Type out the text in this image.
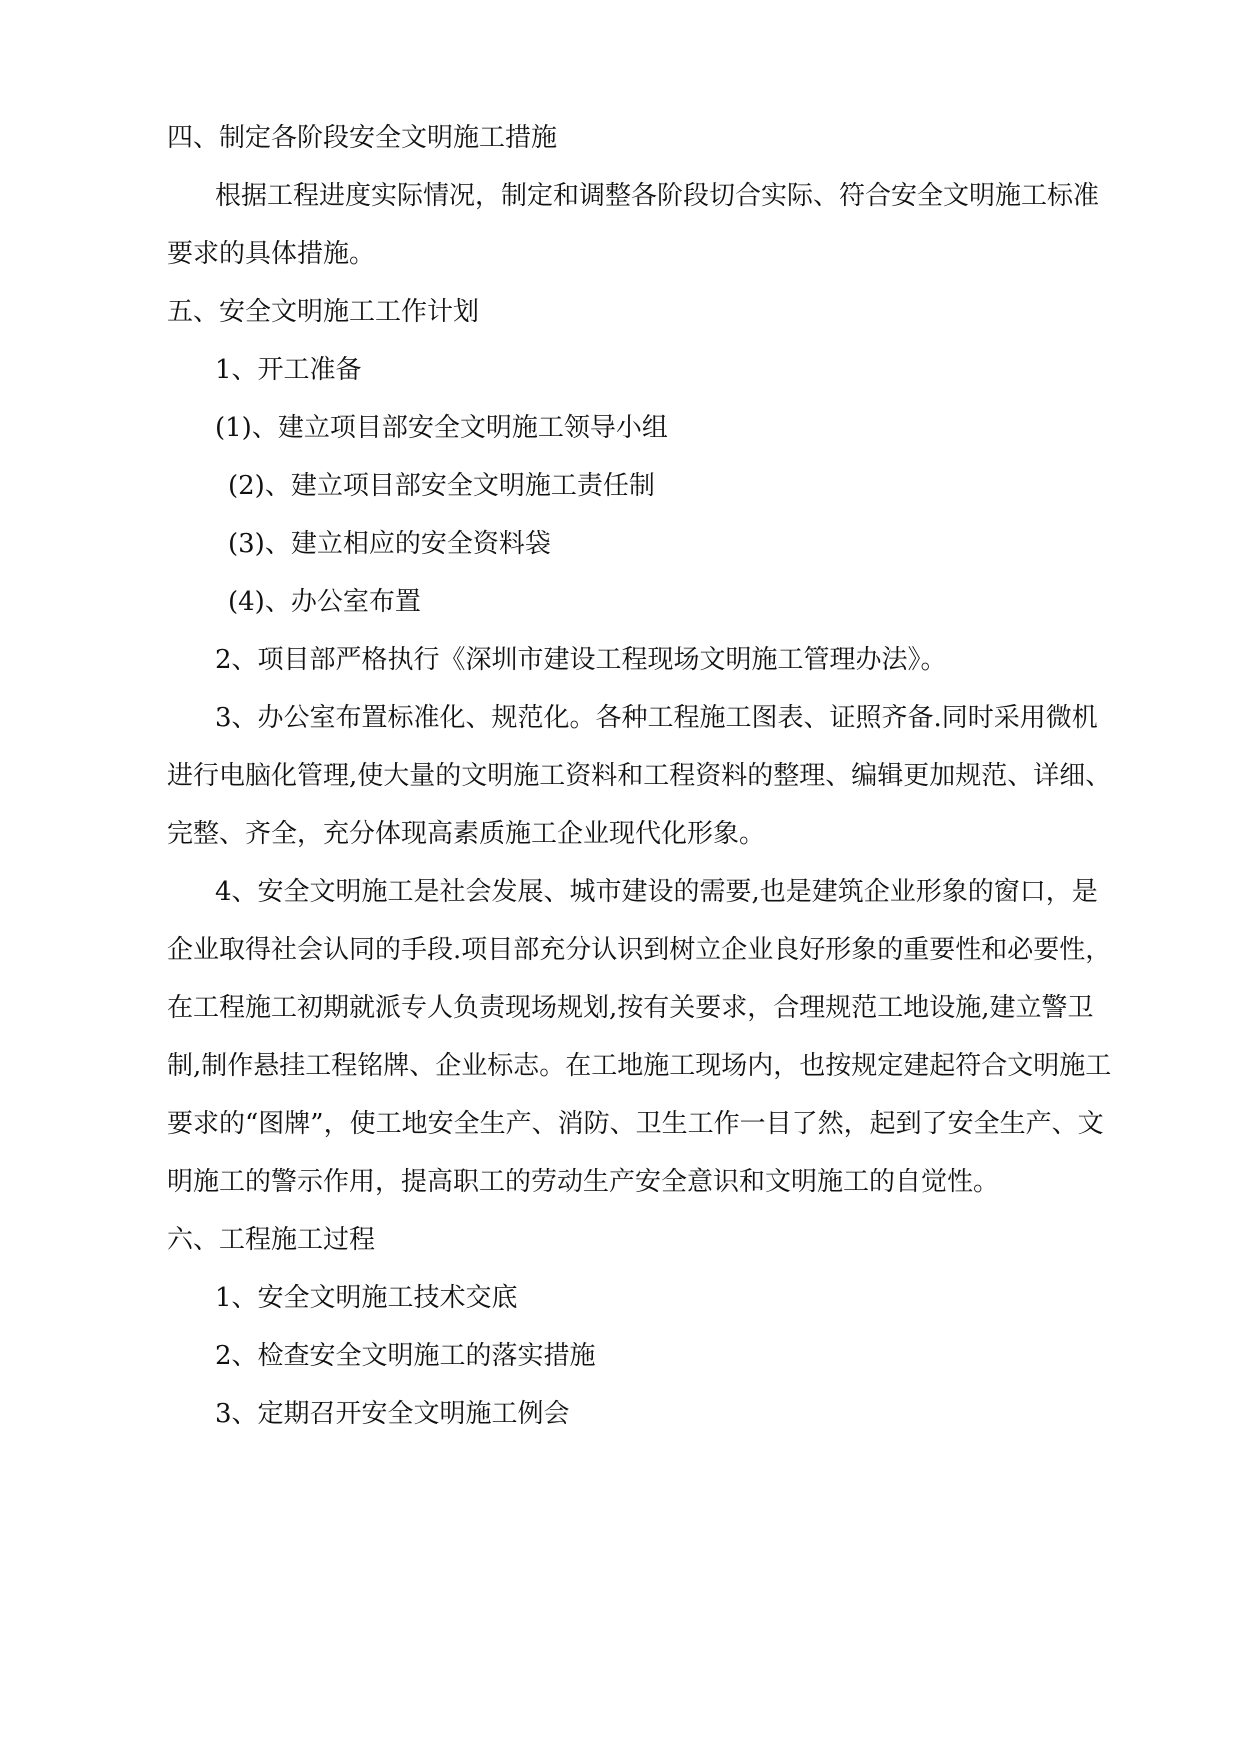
四、制定各阶段安全文明施工措施
根据工程进度实际情况，制定和调整各阶段切合实际、符合安全文明施工标准
要求的具体措施。
五、安全文明施工工作计划
1、开工准备
(1)、建立项目部安全文明施工领导小组
(2)、建立项目部安全文明施工责任制
(3)、建立相应的安全资料袋
(4)、办公室布置
2、项目部严格执行《深圳市建设工程现场文明施工管理办法》。
3、办公室布置标准化、规范化。各种工程施工图表、证照齐备.同时采用微机
进行电脑化管理,使大量的文明施工资料和工程资料的整理、编辑更加规范、详细、
完整、齐全，充分体现高素质施工企业现代化形象。
4、安全文明施工是社会发展、城市建设的需要,也是建筑企业形象的窗口，是
企业取得社会认同的手段.项目部充分认识到树立企业良好形象的重要性和必要性，
在工程施工初期就派专人负责现场规划,按有关要求，合理规范工地设施,建立警卫
制,制作悬挂工程铭牌、企业标志。在工地施工现场内，也按规定建起符合文明施工
要求的“图牌”，使工地安全生产、消防、卫生工作一目了然，起到了安全生产、文
明施工的警示作用，提高职工的劳动生产安全意识和文明施工的自觉性。
六、工程施工过程
1、安全文明施工技术交底
2、检查安全文明施工的落实措施
3、定期召开安全文明施工例会
